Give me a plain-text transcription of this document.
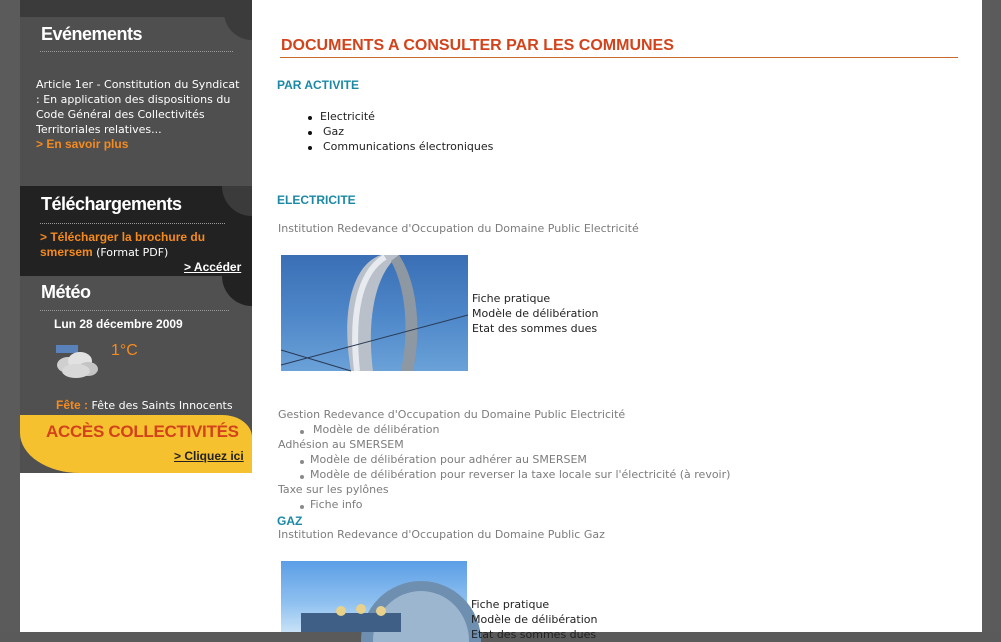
Evénements
Article 1er - Constitution du Syndicat
: En application des dispositions du
Code Général des Collectivités
Territoriales relatives...
> En savoir plus
Téléchargements
> Télécharger la brochure du
smersem (Format PDF)
> Accéder
Météo
Lun 28 décembre 2009
1°C
Fête : Fête des Saints Innocents
ACCÈS COLLECTIVITÉS
> Cliquez ici
DOCUMENTS A CONSULTER PAR LES COMMUNES
PAR ACTIVITE
Electricité
Gaz
Communications électroniques
ELECTRICITE
Institution Redevance d'Occupation du Domaine Public Electricité
Fiche pratique
Modèle de délibération
Etat des sommes dues
Gestion Redevance d'Occupation du Domaine Public Electricité
Modèle de délibération
Adhésion au SMERSEM
Modèle de délibération pour adhérer au SMERSEM
Modèle de délibération pour reverser la taxe locale sur l'électricité (à revoir)
Taxe sur les pylônes
Fiche info
GAZ
Institution Redevance d'Occupation du Domaine Public Gaz
Fiche pratique
Modèle de délibération
Etat des sommes dues
